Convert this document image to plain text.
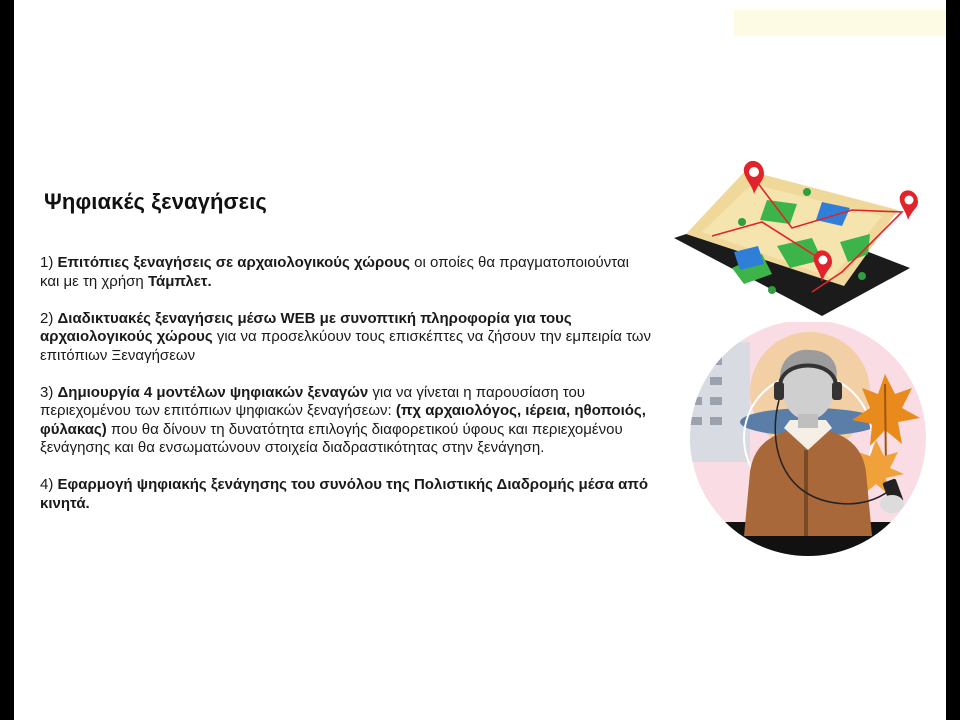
Ψηφιακές ξεναγήσεις

1) Επιτόπιες ξεναγήσεις σε αρχαιολογικούς χώρους οι οποίες θα πραγματοποιούνται και με τη χρήση Τάμπλετ.

2) Διαδικτυακές ξεναγήσεις μέσω WEB με συνοπτική πληροφορία για τους αρχαιολογικούς χώρους για να προσελκύουν τους επισκέπτες να ζήσουν την εμπειρία των επιτόπιων Ξεναγήσεων

3) Δημιουργία 4 μοντέλων ψηφιακών ξεναγών για να γίνεται η παρουσίαση του περιεχομένου των επιτόπιων ψηφιακών ξεναγήσεων: (πχ αρχαιολόγος, ιέρεια, ηθοποιός, φύλακας) που θα δίνουν τη δυνατότητα επιλογής διαφορετικού ύφους και περιεχομένου ξενάγησης και θα ενσωματώνουν στοιχεία διαδραστικότητας στην ξενάγηση.

4) Εφαρμογή ψηφιακής ξενάγησης του συνόλου της Πολιστικής Διαδρομής μέσα από κινητά.
